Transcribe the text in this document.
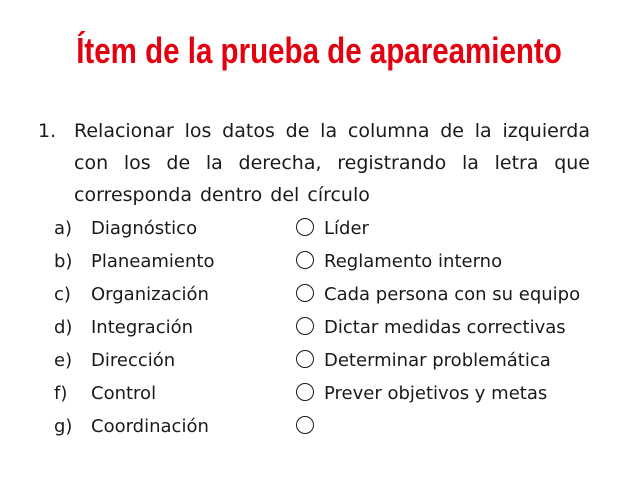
Ítem de la prueba de apareamiento
1. Relacionar los datos de la columna de la izquierda con los de la derecha, registrando la letra que corresponda dentro del círculo
a) Diagnóstico	Líder
b) Planeamiento	Reglamento interno
c) Organización	Cada persona con su equipo
d) Integración	Dictar medidas correctivas
e) Dirección	Determinar problemática
f) Control	Prever objetivos y metas
g) Coordinación
